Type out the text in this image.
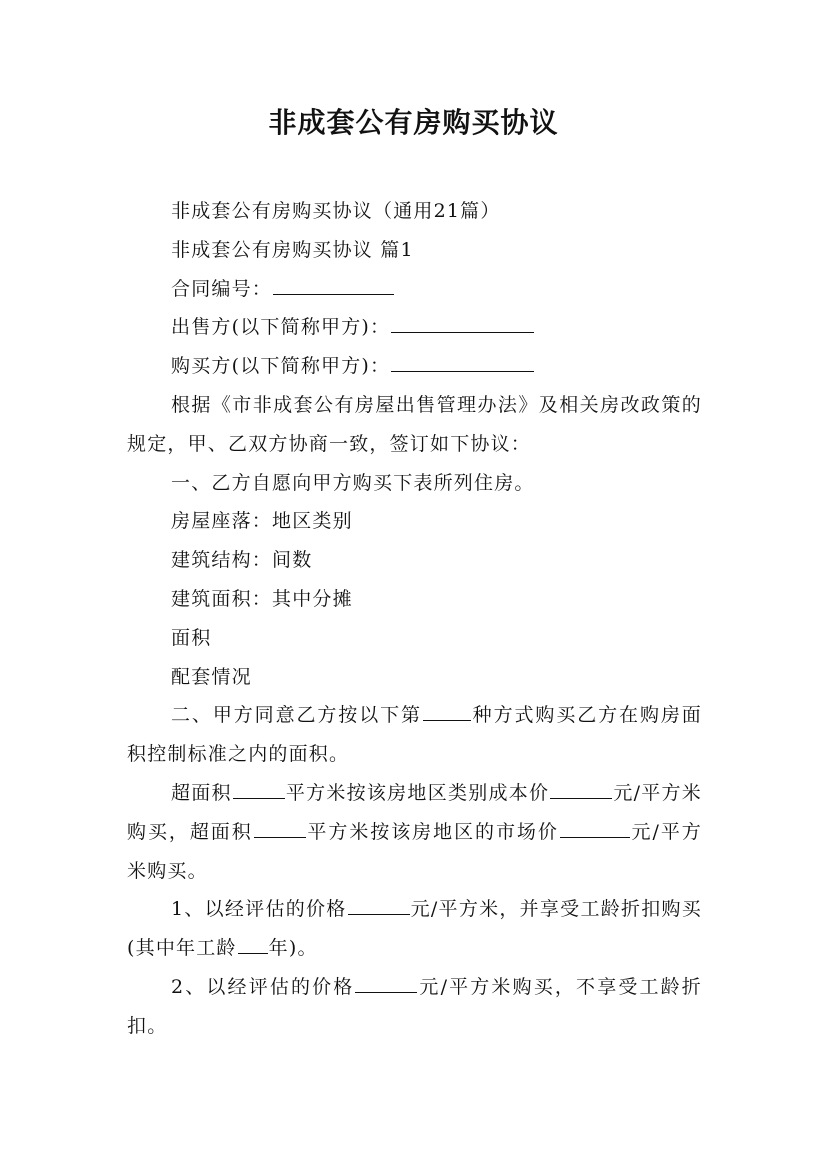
非成套公有房购买协议

非成套公有房购买协议（通用21篇）

非成套公有房购买协议 篇1

合同编号：

出售方(以下简称甲方)：

购买方(以下简称甲方)：

根据《市非成套公有房屋出售管理办法》及相关房改政策的规定，甲、乙双方协商一致，签订如下协议：

一、乙方自愿向甲方购买下表所列住房。

房屋座落：地区类别

建筑结构：间数

建筑面积：其中分摊

面积

配套情况

二、甲方同意乙方按以下第	种方式购买乙方在购房面积控制标准之内的面积。

超面积	平方米按该房地区类别成本价	元/平方米购买，超面积	平方米按该房地区的市场价	元/平方米购买。

1、以经评估的价格	元/平方米，并享受工龄折扣购买(其中年工龄 年)。

2、以经评估的价格	元/平方米购买，不享受工龄折扣。
